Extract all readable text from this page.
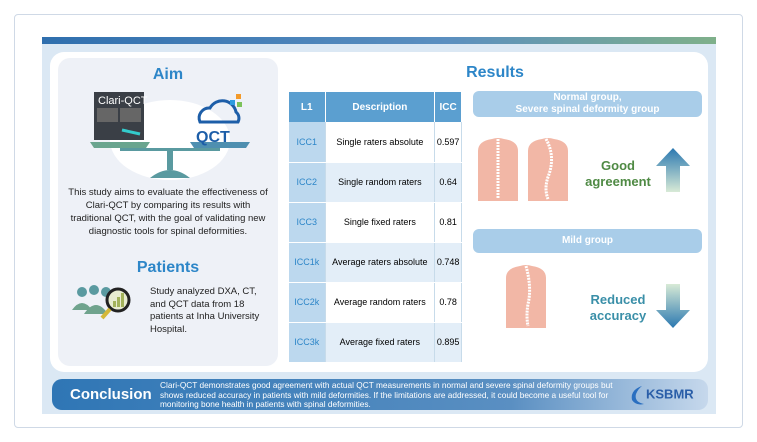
Aim
Clari-QCT
QCT

This study aims to evaluate the effectiveness of Clari-QCT by comparing its results with traditional QCT, with the goal of validating new diagnostic tools for spinal deformities.

Patients

Study analyzed DXA, CT, and QCT data from 18 patients at Inha University Hospital.

Results
L1	Description	ICC
ICC1	Single raters absolute	0.597
ICC2	Single random raters	0.64
ICC3	Single fixed raters	0.81
ICC1k	Average raters absolute	0.748
ICC2k	Average random raters	0.78
ICC3k	Average fixed raters	0.895
Normal group,
Severe spinal deformity group
Good
agreement
Mild group
Reduced
accuracy
Conclusion

Clari-QCT demonstrates good agreement with actual QCT measurements in normal and severe spinal deformity groups but shows reduced accuracy in patients with mild deformities. If the limitations are addressed, it could become a useful tool for monitoring bone health in patients with spinal deformities.

KSBMR
